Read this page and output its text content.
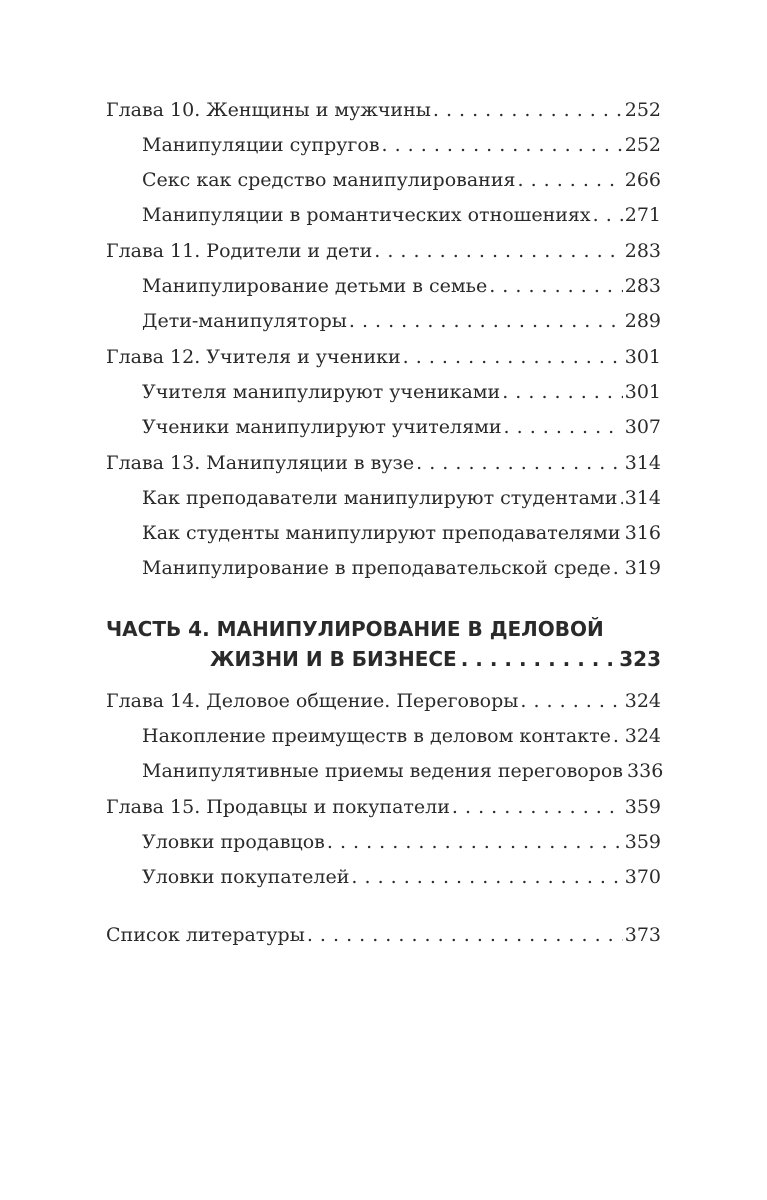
Глава 10. Женщины и мужчины . . .	252
Манипуляции супругов . . .	252
Секс как средство манипулирования . . .	266
Манипуляции в романтических отношениях . . . 271
Глава 11. Родители и дети . . .	283
Манипулирование детьми в семье . . .	283
Дети-манипуляторы . . .	289
Глава 12. Учителя и ученики . . .	301
Учителя манипулируют учениками . . .	301
Ученики манипулируют учителями . . .	307
Глава 13. Манипуляции в вузе . . .	314
Как преподаватели манипулируют студентами . . . 314
Как студенты манипулируют преподавателями . . . 316
Манипулирование в преподавательской среде . . . 319
ЧАСТЬ 4. МАНИПУЛИРОВАНИЕ В ДЕЛОВОЙ
ЖИЗНИ И В БИЗНЕСЕ . . .	323
Глава 14. Деловое общение. Переговоры . . .	324
Накопление преимуществ в деловом контакте . . . 324
Манипулятивные приемы ведения переговоров 336
Глава 15. Продавцы и покупатели . . .	359
Уловки продавцов . . .	359
Уловки покупателей . . .	370
Список литературы . . .	373
